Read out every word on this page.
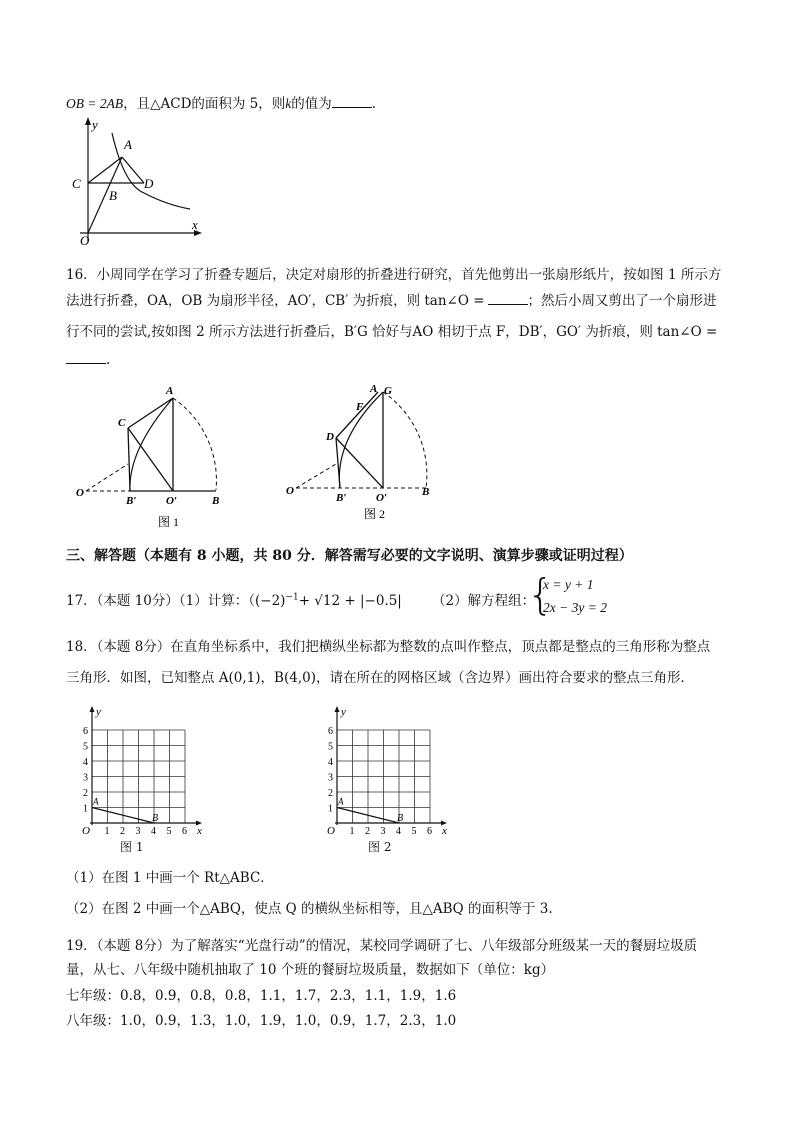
OB = 2AB，且△ACD的面积为 5，则k的值为	.
y
x
A
B
C	D
O
16．小周同学在学习了折叠专题后，决定对扇形的折叠进行研究，首先他剪出一张扇形纸片，按如图 1 所示方
法进行折叠，OA，OB 为扇形半径，AO′，CB′ 为折痕，则 tan∠O =	；然后小周又剪出了一个扇形进
行不同的尝试,按如图 2 所示方法进行折叠后，B′G 恰好与AO 相切于点 F，DB′，GO′ 为折痕，则 tan∠O =
.
A
C
O
B′	O′	B
图 1
A G
F
D
O
B′	O′	B
图 2
三、解答题（本题有 8 小题，共 80 分．解答需写必要的文字说明、演算步骤或证明过程）
17．（本题 10分）（1）计算：（$(-2)^{-1}+ √12 + |-0.5|$ （2）解方程组：
{
x = y + 1
2x − 3y = 2
18．（本题 8分）在直角坐标系中，我们把横纵坐标都为整数的点叫作整点，顶点都是整点的三角形称为整点
三角形．如图，已知整点 A(0,1)，B(4,0)，请在所在的网格区域（含边界）画出符合要求的整点三角形．
1
2
3
4
5
6
1 2 3 4 5 6
O
y
x
A
B
1
2
3
4
5
6
1 2 3 4 5 6
O
y
x
A
B
图 1	图 2
（1）在图 1 中画一个 Rt△ABC．
（2）在图 2 中画一个△ABQ，使点 Q 的横纵坐标相等，且△ABQ 的面积等于 3.
19．（本题 8分）为了解落实“光盘行动”的情况，某校同学调研了七、八年级部分班级某一天的餐厨垃圾质
量，从七、八年级中随机抽取了 10 个班的餐厨垃圾质量，数据如下（单位：kg）
七年级：0.8，0.9，0.8，0.8，1.1，1.7，2.3，1.1，1.9，1.6
八年级：1.0，0.9，1.3，1.0，1.9，1.0，0.9，1.7，2.3，1.0
